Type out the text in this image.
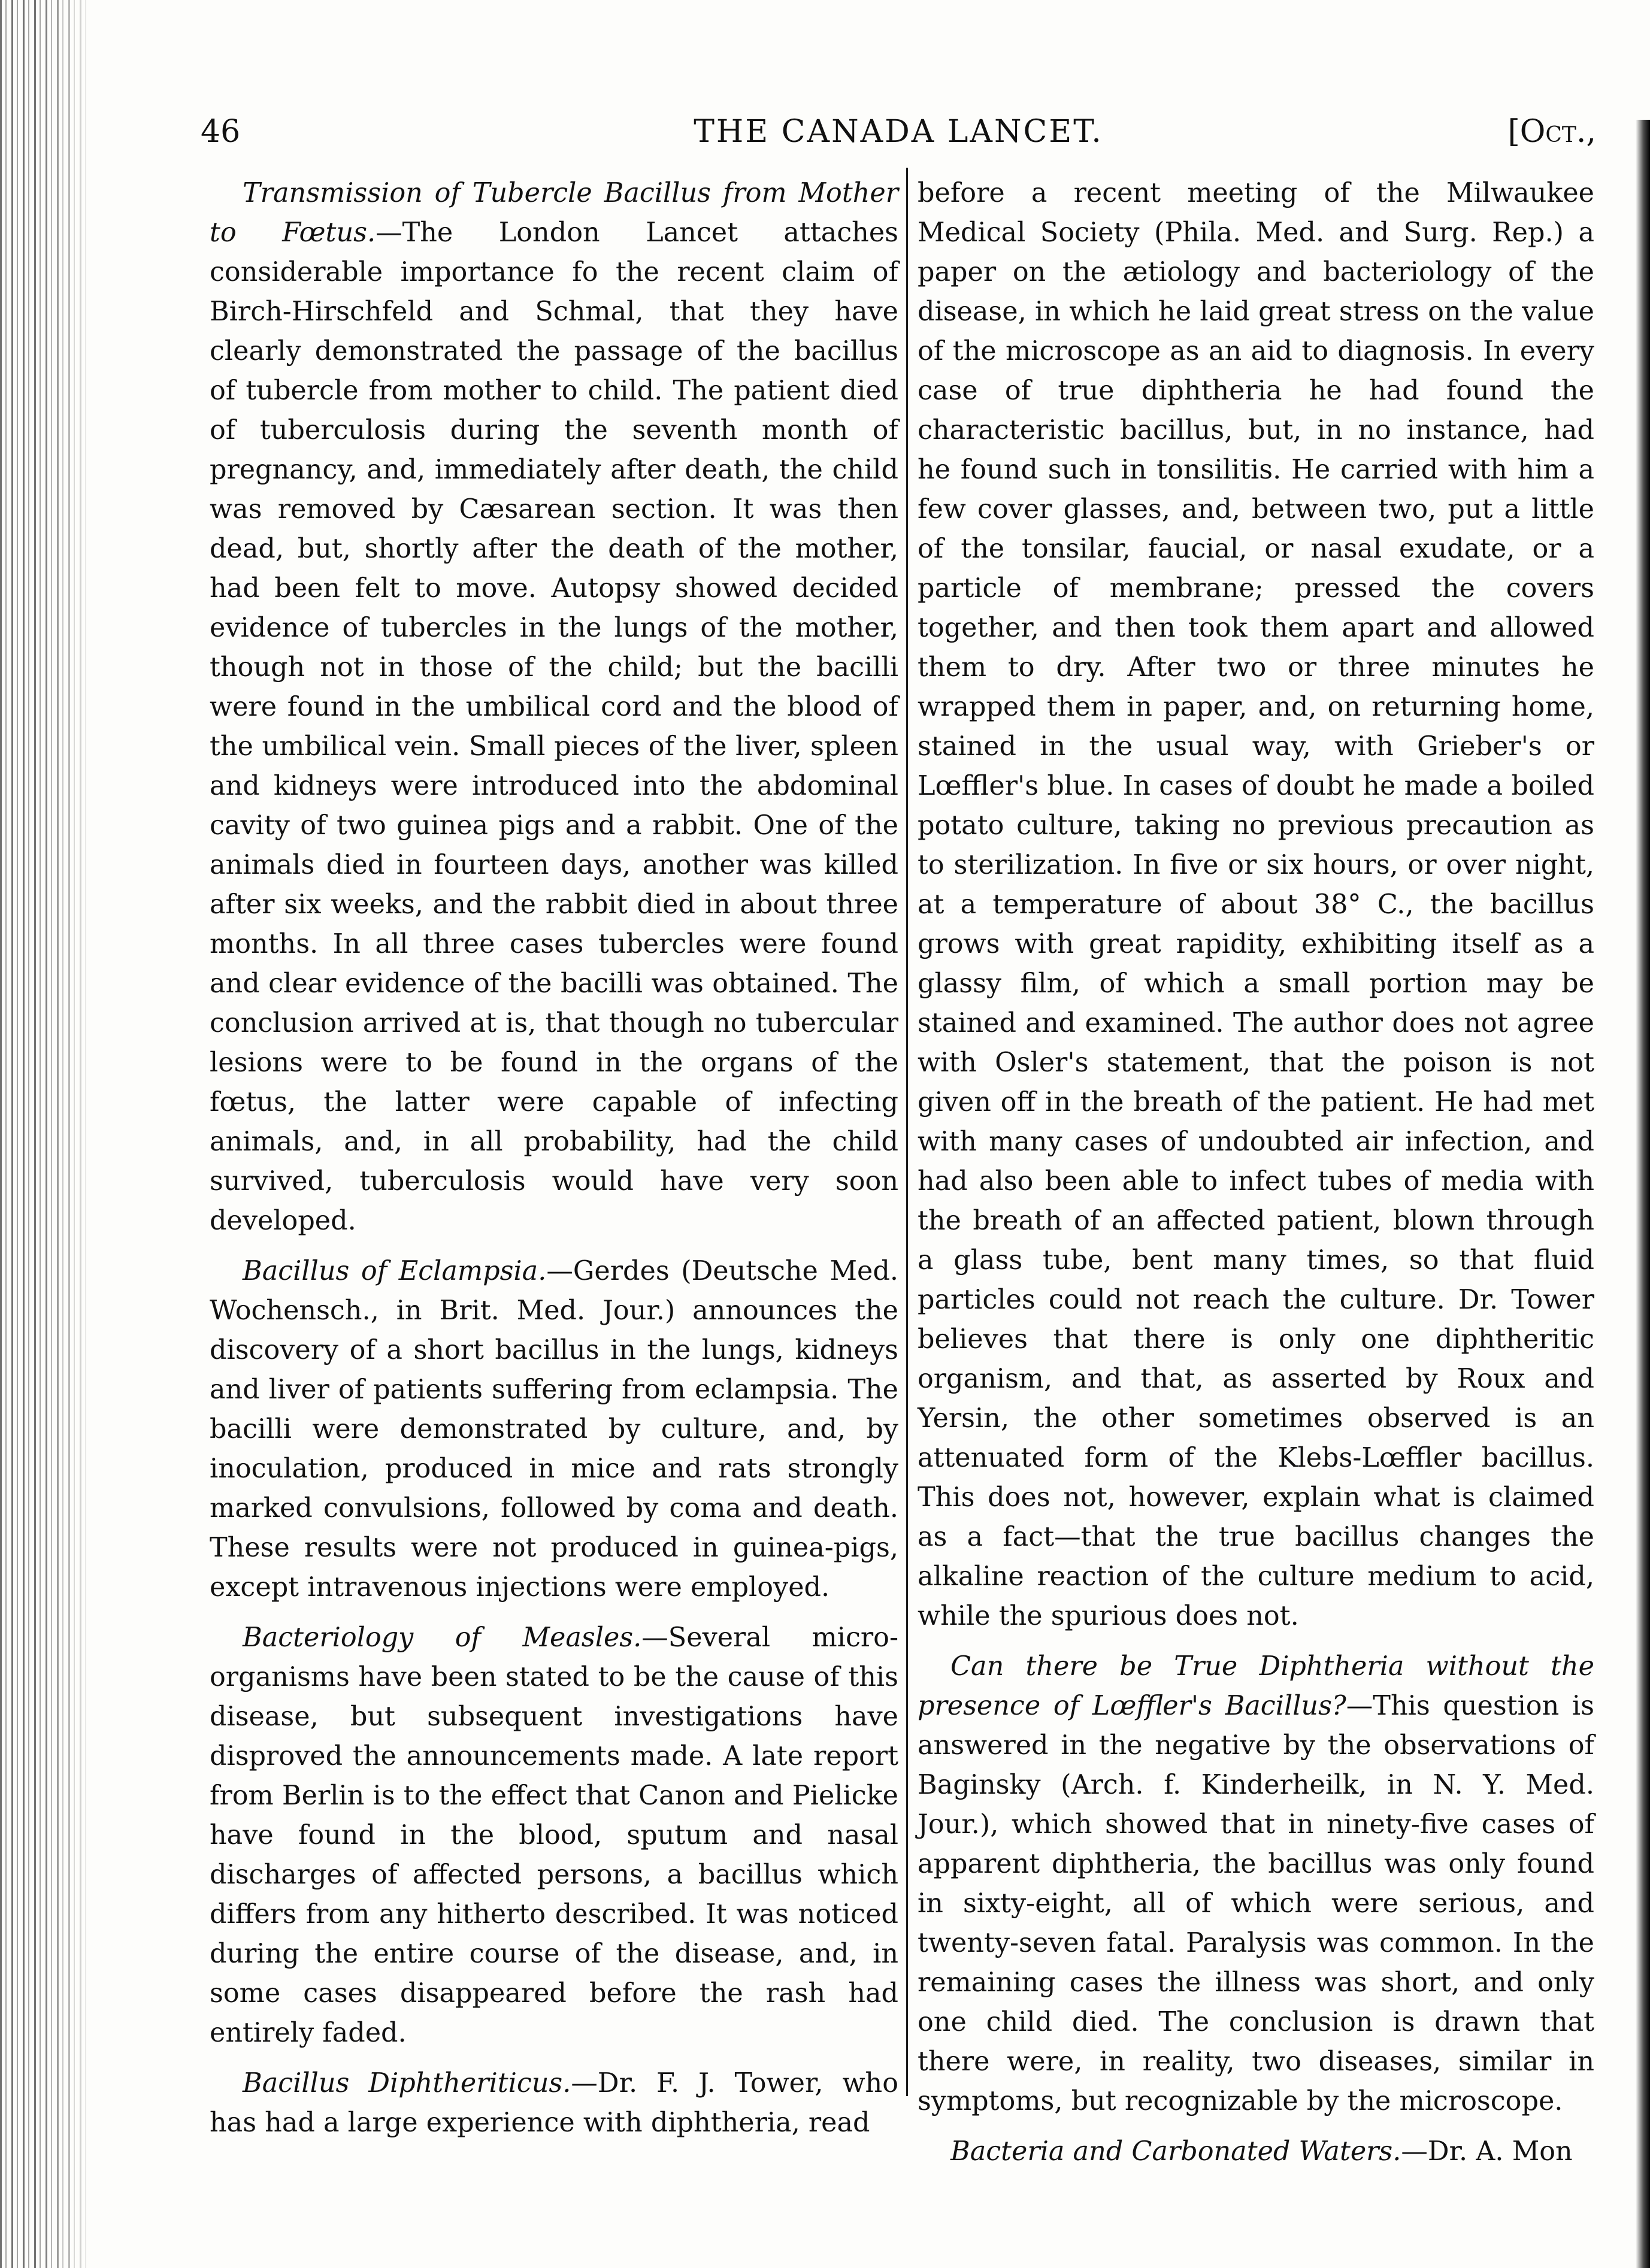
46	THE CANADA LANCET.	[Oct.,

Transmission of Tubercle Bacillus from Mother to Fœtus.—The London Lancet attaches considerable importance fo the recent claim of Birch-Hirschfeld and Schmal, that they have clearly demonstrated the passage of the bacillus of tubercle from mother to child. The patient died of tuberculosis during the seventh month of pregnancy, and, immediately after death, the child was removed by Cæsarean section. It was then dead, but, shortly after the death of the mother, had been felt to move. Autopsy showed decided evidence of tubercles in the lungs of the mother, though not in those of the child; but the bacilli were found in the umbilical cord and the blood of the umbilical vein. Small pieces of the liver, spleen and kidneys were introduced into the abdominal cavity of two guinea pigs and a rabbit. One of the animals died in fourteen days, another was killed after six weeks, and the rabbit died in about three months. In all three cases tubercles were found and clear evidence of the bacilli was obtained. The conclusion arrived at is, that though no tubercular lesions were to be found in the organs of the fœtus, the latter were capable of infecting animals, and, in all probability, had the child survived, tuberculosis would have very soon developed.

Bacillus of Eclampsia.—Gerdes (Deutsche Med. Wochensch., in Brit. Med. Jour.) announces the discovery of a short bacillus in the lungs, kidneys and liver of patients suffering from eclampsia. The bacilli were demonstrated by culture, and, by inoculation, produced in mice and rats strongly marked convulsions, followed by coma and death. These results were not produced in guinea-pigs, except intravenous injections were employed.

Bacteriology of Measles.—Several micro-organisms have been stated to be the cause of this disease, but subsequent investigations have disproved the announcements made. A late report from Berlin is to the effect that Canon and Pielicke have found in the blood, sputum and nasal discharges of affected persons, a bacillus which differs from any hitherto described. It was noticed during the entire course of the disease, and, in some cases disappeared before the rash had entirely faded.

Bacillus Diphtheriticus.—Dr. F. J. Tower, who has had a large experience with diphtheria, read

before a recent meeting of the Milwaukee Medical Society (Phila. Med. and Surg. Rep.) a paper on the ætiology and bacteriology of the disease, in which he laid great stress on the value of the microscope as an aid to diagnosis. In every case of true diphtheria he had found the characteristic bacillus, but, in no instance, had he found such in tonsilitis. He carried with him a few cover glasses, and, between two, put a little of the tonsilar, faucial, or nasal exudate, or a particle of membrane; pressed the covers together, and then took them apart and allowed them to dry. After two or three minutes he wrapped them in paper, and, on returning home, stained in the usual way, with Grieber's or Lœffler's blue. In cases of doubt he made a boiled potato culture, taking no previous precaution as to sterilization. In five or six hours, or over night, at a temperature of about 38° C., the bacillus grows with great rapidity, exhibiting itself as a glassy film, of which a small portion may be stained and examined. The author does not agree with Osler's statement, that the poison is not given off in the breath of the patient. He had met with many cases of undoubted air infection, and had also been able to infect tubes of media with the breath of an affected patient, blown through a glass tube, bent many times, so that fluid particles could not reach the culture. Dr. Tower believes that there is only one diphtheritic organism, and that, as asserted by Roux and Yersin, the other sometimes observed is an attenuated form of the Klebs-Lœffler bacillus. This does not, however, explain what is claimed as a fact—that the true bacillus changes the alkaline reaction of the culture medium to acid, while the spurious does not.

Can there be True Diphtheria without the presence of Lœffler's Bacillus?—This question is answered in the negative by the observations of Baginsky (Arch. f. Kinderheilk, in N. Y. Med. Jour.), which showed that in ninety-five cases of apparent diphtheria, the bacillus was only found in sixty-eight, all of which were serious, and twenty-seven fatal. Paralysis was common. In the remaining cases the illness was short, and only one child died. The conclusion is drawn that there were, in reality, two diseases, similar in symptoms, but recognizable by the microscope.

Bacteria and Carbonated Waters.—Dr. A. Mon
